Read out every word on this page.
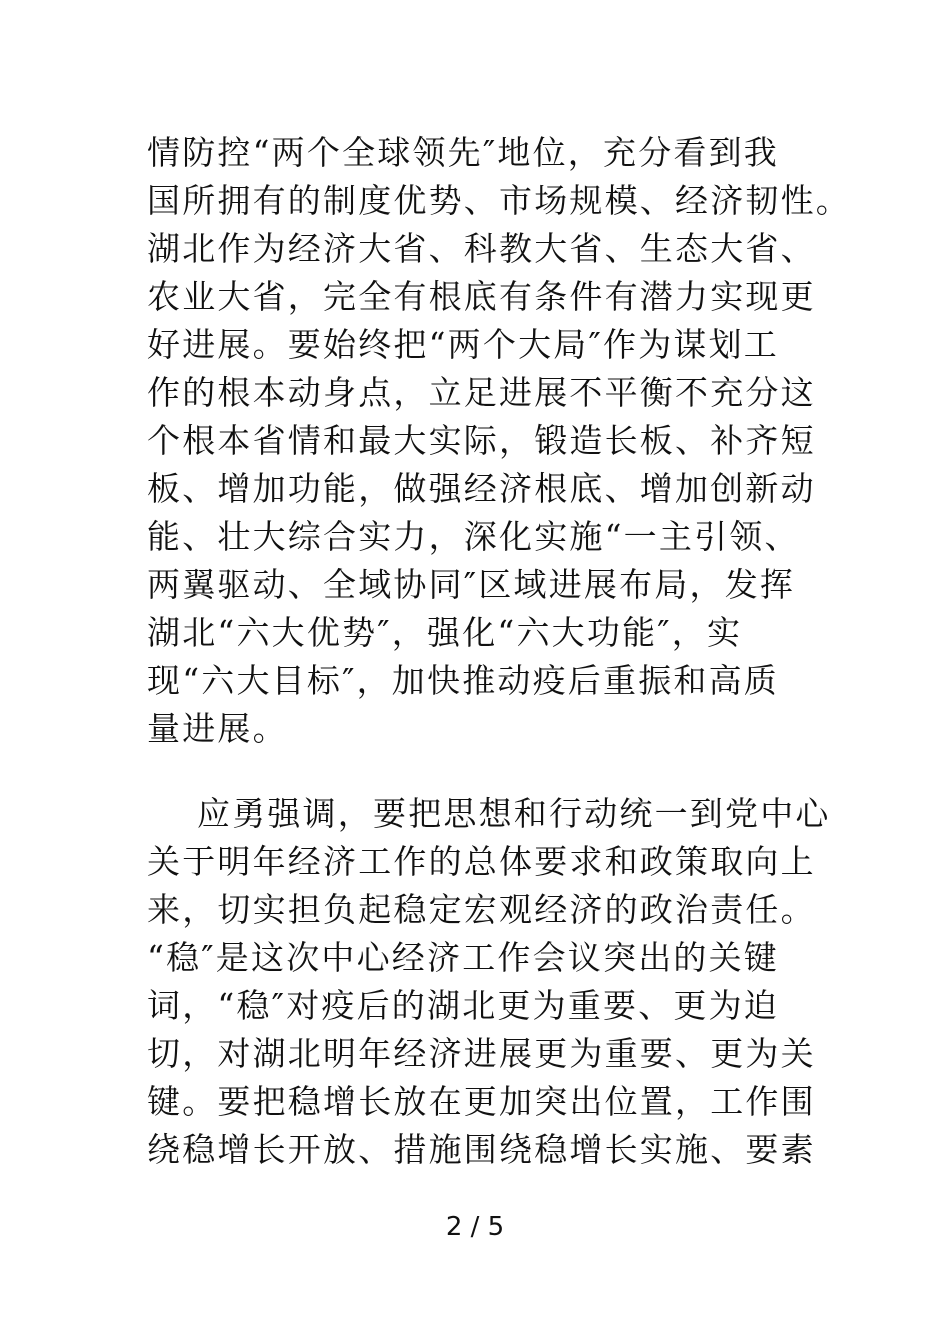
情防控“两个全球领先″地位，充分看到我
国所拥有的制度优势、市场规模、经济韧性。
湖北作为经济大省、科教大省、生态大省、
农业大省，完全有根底有条件有潜力实现更
好进展。要始终把“两个大局″作为谋划工
作的根本动身点，立足进展不平衡不充分这
个根本省情和最大实际，锻造长板、补齐短
板、增加功能，做强经济根底、增加创新动
能、壮大综合实力，深化实施“一主引领、
两翼驱动、全域协同″区域进展布局，发挥
湖北“六大优势″，强化“六大功能″，实
现“六大目标″，加快推动疫后重振和高质
量进展。
应勇强调，要把思想和行动统一到党中心
关于明年经济工作的总体要求和政策取向上
来，切实担负起稳定宏观经济的政治责任。
“稳″是这次中心经济工作会议突出的关键
词，“稳″对疫后的湖北更为重要、更为迫
切，对湖北明年经济进展更为重要、更为关
键。要把稳增长放在更加突出位置，工作围
绕稳增长开放、措施围绕稳增长实施、要素
2 / 5
